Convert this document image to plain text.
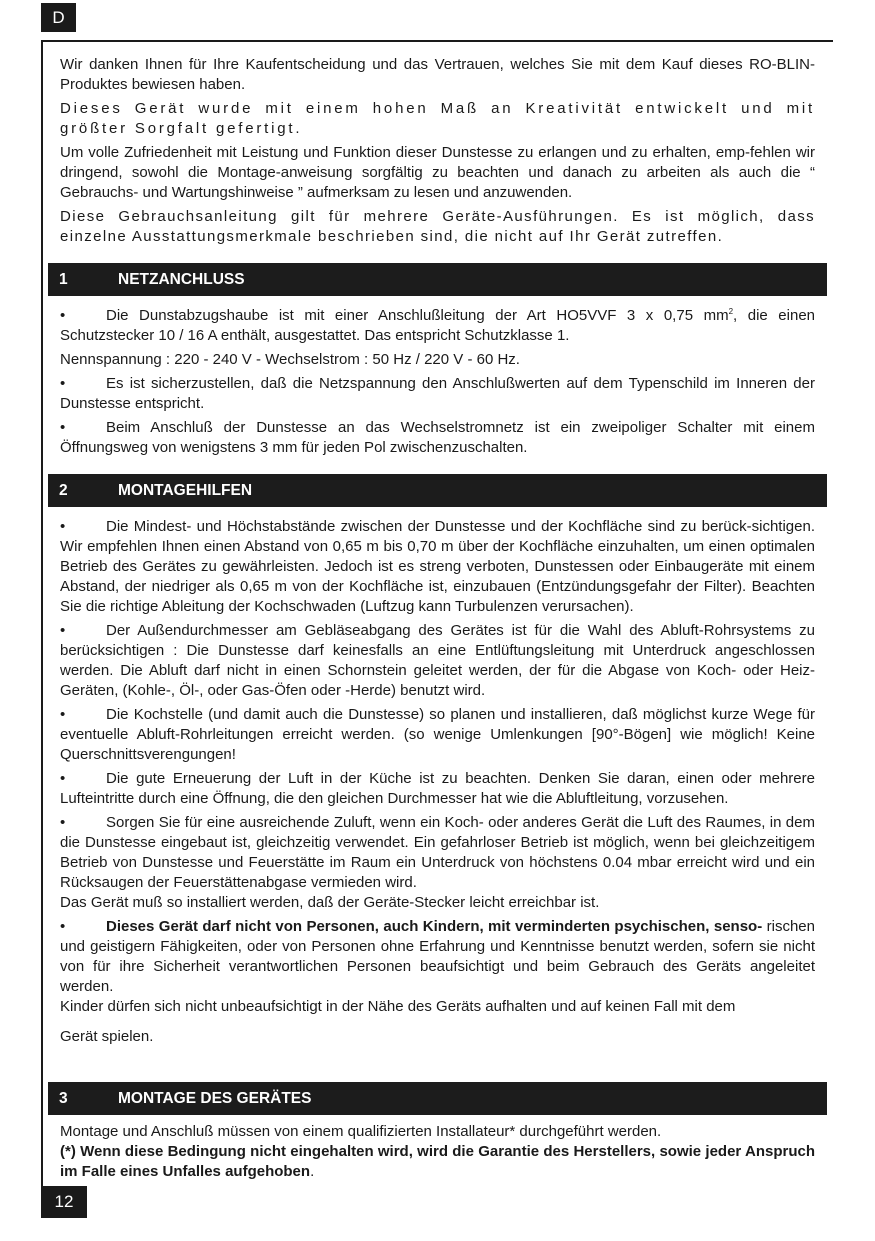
D

Wir danken Ihnen für Ihre Kaufentscheidung und das Vertrauen, welches Sie mit dem Kauf dieses RO-BLIN-Produktes bewiesen haben.

Dieses Gerät wurde mit einem hohen Maß an Kreativität entwickelt und mit größter Sorgfalt gefertigt.

Um volle Zufriedenheit mit Leistung und Funktion dieser Dunstesse zu erlangen und zu erhalten, emp-fehlen wir dringend, sowohl die Montage-anweisung sorgfältig zu beachten und danach zu arbeiten als auch die “ Gebrauchs- und Wartungshinweise ” aufmerksam zu lesen und anzuwenden.

Diese Gebrauchsanleitung gilt für mehrere Geräte-Ausführungen. Es ist möglich, dass einzelne Ausstattungsmerkmale beschrieben sind, die nicht auf Ihr Gerät zutreffen.

1	NETZANCHLUSS

•	Die Dunstabzugshaube ist mit einer Anschlußleitung der Art HO5VVF 3 x 0,75 $mm^2$, die einen Schutzstecker 10 / 16 A enthält, ausgestattet. Das entspricht Schutzklasse 1.

Nennspannung : 220 - 240 V - Wechselstrom : 50 Hz / 220 V - 60 Hz.

•	Es ist sicherzustellen, daß die Netzspannung den Anschlußwerten auf dem Typenschild im Inneren der Dunstesse entspricht.

•	Beim Anschluß der Dunstesse an das Wechselstromnetz ist ein zweipoliger Schalter mit einem Öffnungsweg von wenigstens 3 mm für jeden Pol zwischenzuschalten.

2	MONTAGEHILFEN

•	Die Mindest- und Höchstabstände zwischen der Dunstesse und der Kochfläche sind zu berück-sichtigen. Wir empfehlen Ihnen einen Abstand von 0,65 m bis 0,70 m über der Kochfläche einzuhalten, um einen optimalen Betrieb des Gerätes zu gewährleisten. Jedoch ist es streng verboten, Dunstessen oder Einbaugeräte mit einem Abstand, der niedriger als 0,65 m von der Kochfläche ist, einzubauen (Entzündungsgefahr der Filter). Beachten Sie die richtige Ableitung der Kochschwaden (Luftzug kann Turbulenzen verursachen).

•	Der Außendurchmesser am Gebläseabgang des Gerätes ist für die Wahl des Abluft-Rohrsystems zu berücksichtigen : Die Dunstesse darf keinesfalls an eine Entlüftungsleitung mit Unterdruck angeschlossen werden. Die Abluft darf nicht in einen Schornstein geleitet werden, der für die Abgase von Koch- oder Heiz-Geräten, (Kohle-, Öl-, oder Gas-Öfen oder -Herde) benutzt wird.

•	Die Kochstelle (und damit auch die Dunstesse) so planen und installieren, daß möglichst kurze Wege für eventuelle Abluft-Rohrleitungen erreicht werden. (so wenige Umlenkungen [90°-Bögen] wie möglich! Keine Querschnittsverengungen!

•	Die gute Erneuerung der Luft in der Küche ist zu beachten. Denken Sie daran, einen oder mehrere Lufteintritte durch eine Öffnung, die den gleichen Durchmesser hat wie die Abluftleitung, vorzusehen.

•	Sorgen Sie für eine ausreichende Zuluft, wenn ein Koch- oder anderes Gerät die Luft des Raumes, in dem die Dunstesse eingebaut ist, gleichzeitig verwendet. Ein gefahrloser Betrieb ist möglich, wenn bei gleichzeitigem Betrieb von Dunstesse und Feuerstätte im Raum ein Unterdruck von höchstens 0.04 mbar erreicht wird und ein Rücksaugen der Feuerstättenabgase vermieden wird.

Das Gerät muß so installiert werden, daß der Geräte-Stecker leicht erreichbar ist.

•	Dieses Gerät darf nicht von Personen, auch Kindern, mit verminderten psychischen, senso- rischen und geistigern Fähigkeiten, oder von Personen ohne Erfahrung und Kenntnisse benutzt werden, sofern sie nicht von für ihre Sicherheit verantwortlichen Personen beaufsichtigt und beim Gebrauch des Geräts angeleitet werden.

Kinder dürfen sich nicht unbeaufsichtigt in der Nähe des Geräts aufhalten und auf keinen Fall mit dem

Gerät spielen.

3	MONTAGE DES GERÄTES

Montage und Anschluß müssen von einem qualifizierten Installateur* durchgeführt werden.

(*) Wenn diese Bedingung nicht eingehalten wird, wird die Garantie des Herstellers, sowie jeder Anspruch im Falle eines Unfalles aufgehoben.

12
